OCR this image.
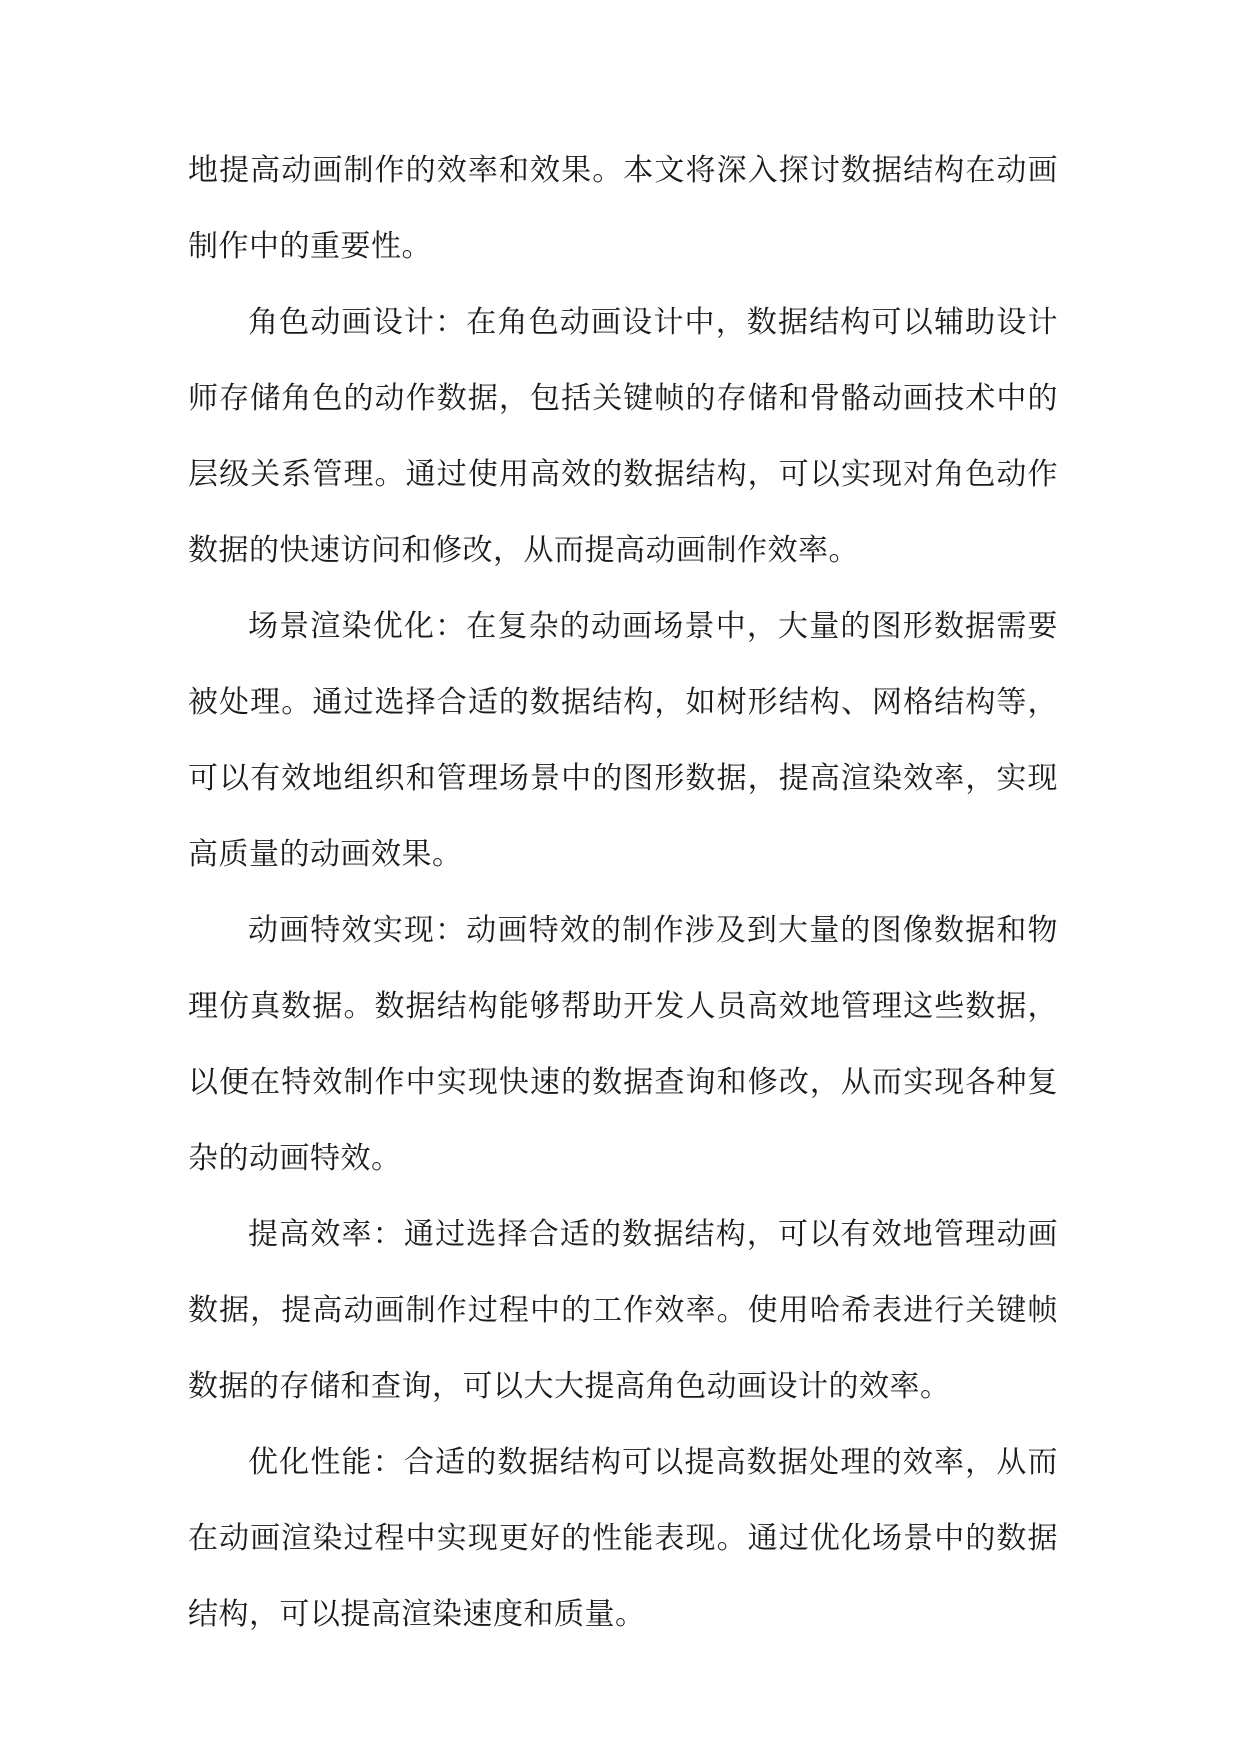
地提高动画制作的效率和效果。本文将深入探讨数据结构在动画制作中的重要性。

角色动画设计：在角色动画设计中，数据结构可以辅助设计师存储角色的动作数据，包括关键帧的存储和骨骼动画技术中的层级关系管理。通过使用高效的数据结构，可以实现对角色动作数据的快速访问和修改，从而提高动画制作效率。

场景渲染优化：在复杂的动画场景中，大量的图形数据需要被处理。通过选择合适的数据结构，如树形结构、网格结构等，可以有效地组织和管理场景中的图形数据，提高渲染效率，实现高质量的动画效果。

动画特效实现：动画特效的制作涉及到大量的图像数据和物理仿真数据。数据结构能够帮助开发人员高效地管理这些数据，以便在特效制作中实现快速的数据查询和修改，从而实现各种复杂的动画特效。

提高效率：通过选择合适的数据结构，可以有效地管理动画数据，提高动画制作过程中的工作效率。使用哈希表进行关键帧数据的存储和查询，可以大大提高角色动画设计的效率。

优化性能：合适的数据结构可以提高数据处理的效率，从而在动画渲染过程中实现更好的性能表现。通过优化场景中的数据结构，可以提高渲染速度和质量。
